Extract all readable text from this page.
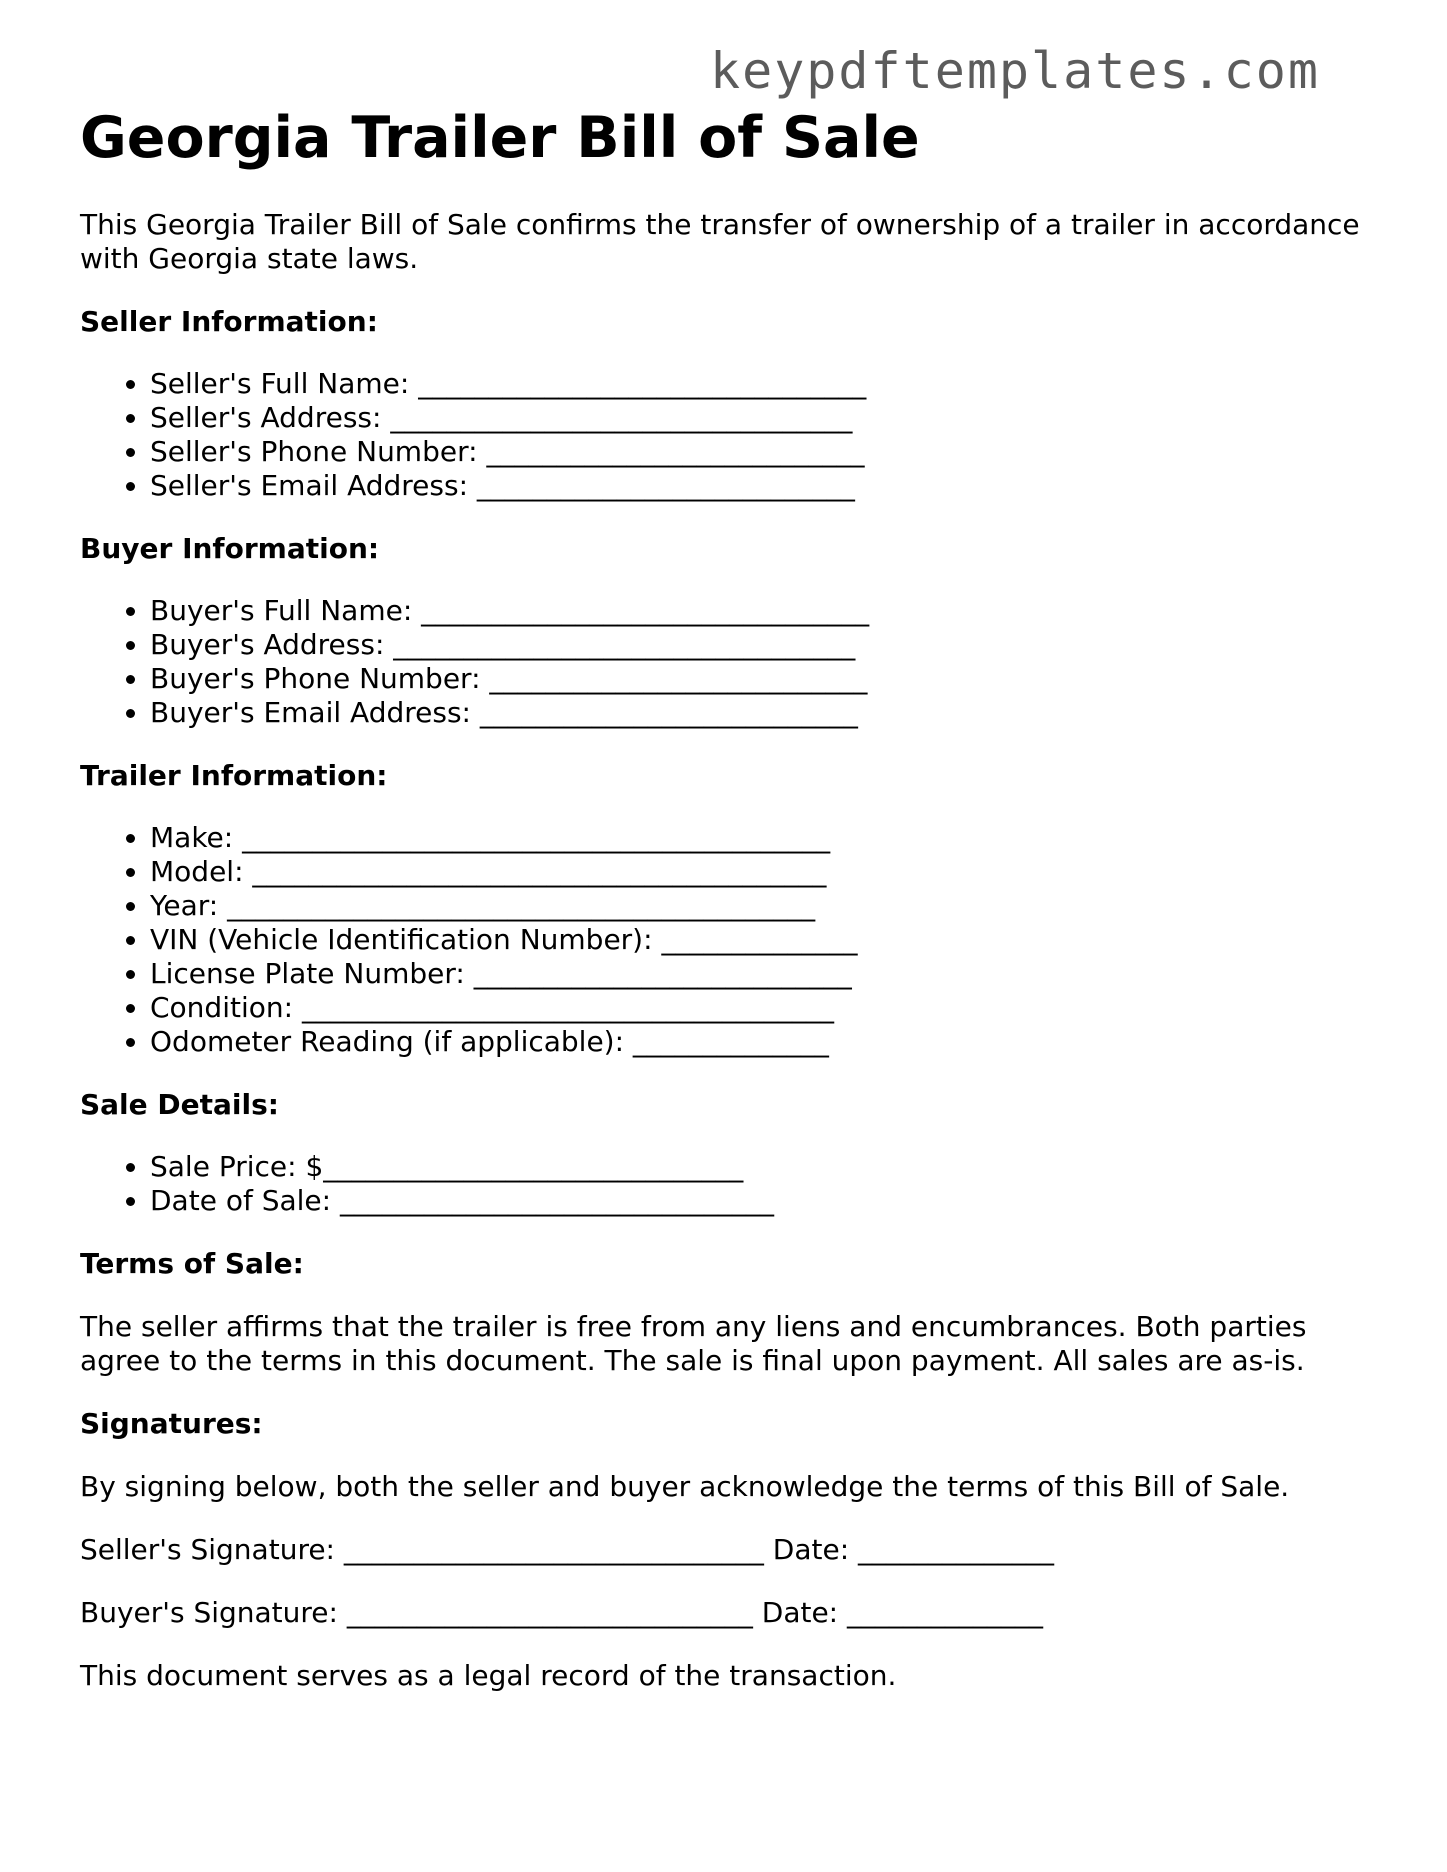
keypdftemplates.com
Georgia Trailer Bill of Sale

This Georgia Trailer Bill of Sale confirms the transfer of ownership of a trailer in accordance with Georgia state laws.

Seller Information:
• Seller's Full Name: ________________________________
• Seller's Address: _________________________________
• Seller's Phone Number: ___________________________
• Seller's Email Address: ___________________________
Buyer Information:
• Buyer's Full Name: ________________________________
• Buyer's Address: _________________________________
• Buyer's Phone Number: ___________________________
• Buyer's Email Address: ___________________________
Trailer Information:
• Make: __________________________________________
• Model: _________________________________________
• Year: __________________________________________
• VIN (Vehicle Identification Number): ______________
• License Plate Number: ___________________________
• Condition: ______________________________________
• Odometer Reading (if applicable): ______________
Sale Details:
• Sale Price: $______________________________
• Date of Sale: _______________________________
Terms of Sale:

The seller affirms that the trailer is free from any liens and encumbrances. Both parties agree to the terms in this document. The sale is final upon payment. All sales are as-is.

Signatures:

By signing below, both the seller and buyer acknowledge the terms of this Bill of Sale.

Seller's Signature: ______________________________ Date: ______________

Buyer's Signature: _____________________________ Date: ______________

This document serves as a legal record of the transaction.
